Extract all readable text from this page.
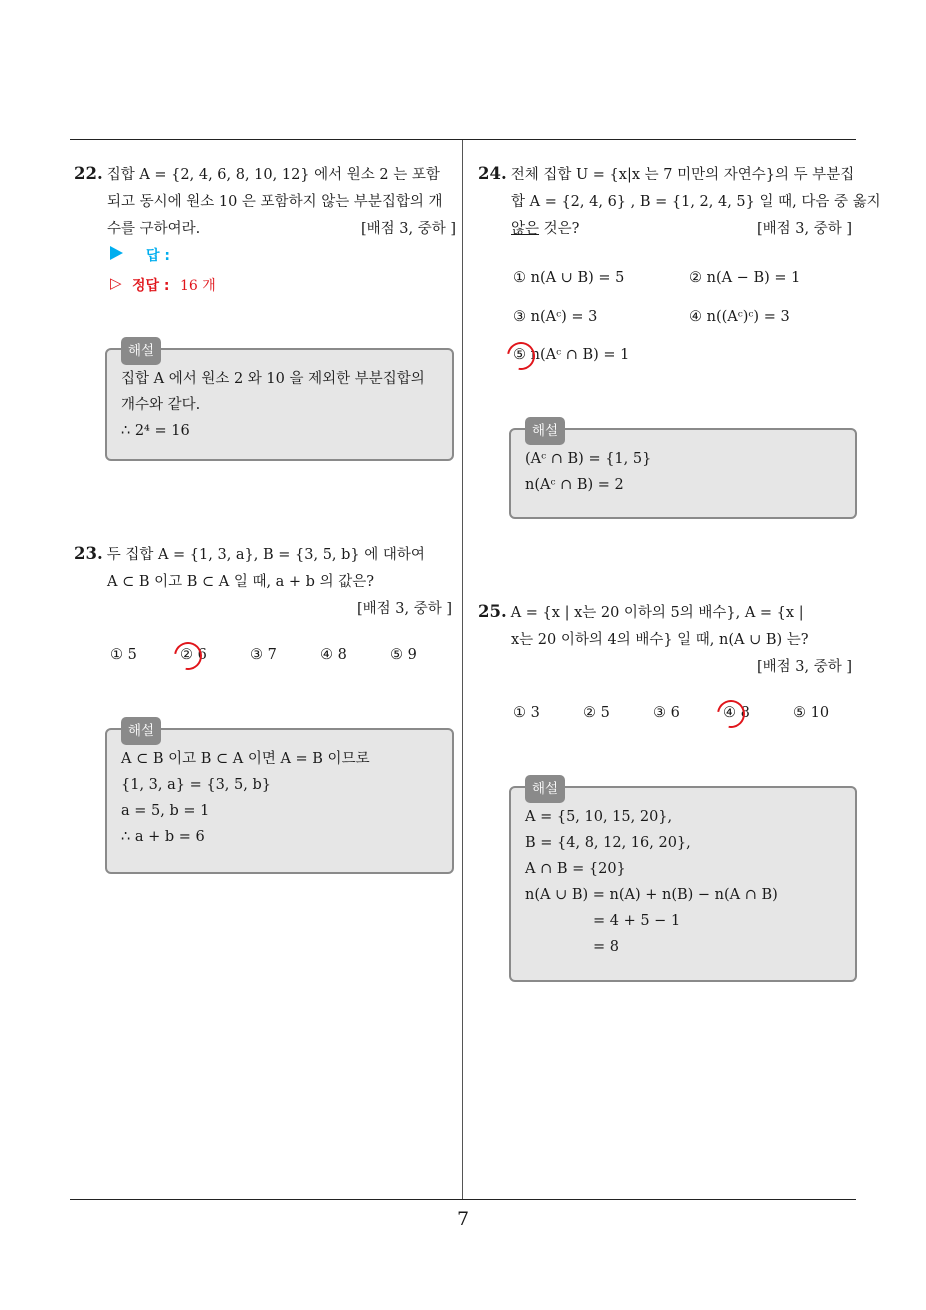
7
22. 집합 A = {2, 4, 6, 8, 10, 12} 에서 원소 2 는 포함
되고 동시에 원소 10 은 포함하지 않는 부분집합의 개
수를 구하여라.	[배점 3, 중하 ]
답 :
▷ 정답 : 16 개
해설
집합 A 에서 원소 2 와 10 을 제외한 부분집합의
개수와 같다.
∴ 2⁴ = 16
23. 두 집합 A = {1, 3, a}, B = {3, 5, b} 에 대하여
A ⊂ B 이고 B ⊂ A 일 때, a + b 의 값은?
[배점 3, 중하 ]
① 5	② 6	③ 7	④ 8	⑤ 9
해설
A ⊂ B 이고 B ⊂ A 이면 A = B 이므로
{1, 3, a} = {3, 5, b}
a = 5, b = 1
∴ a + b = 6
24. 전체 집합 U = {x|x 는 7 미만의 자연수}의 두 부분집
합 A = {2, 4, 6} , B = {1, 2, 4, 5} 일 때, 다음 중 옳지
않은 것은?	[배점 3, 중하 ]
① n(A ∪ B) = 5	② n(A − B) = 1
③ n(Aᶜ) = 3	④ n((Aᶜ)ᶜ) = 3
⑤ n(Aᶜ ∩ B) = 1
해설
(Aᶜ ∩ B) = {1, 5}
n(Aᶜ ∩ B) = 2
25. A = {x | x는 20 이하의 5의 배수}, A = {x |
x는 20 이하의 4의 배수} 일 때, n(A ∪ B) 는?
[배점 3, 중하 ]
① 3	② 5	③ 6	④ 8	⑤ 10
해설
A = {5, 10, 15, 20},
B = {4, 8, 12, 16, 20},
A ∩ B = {20}
n(A ∪ B) = n(A) + n(B) − n(A ∩ B)
= 4 + 5 − 1
= 8
